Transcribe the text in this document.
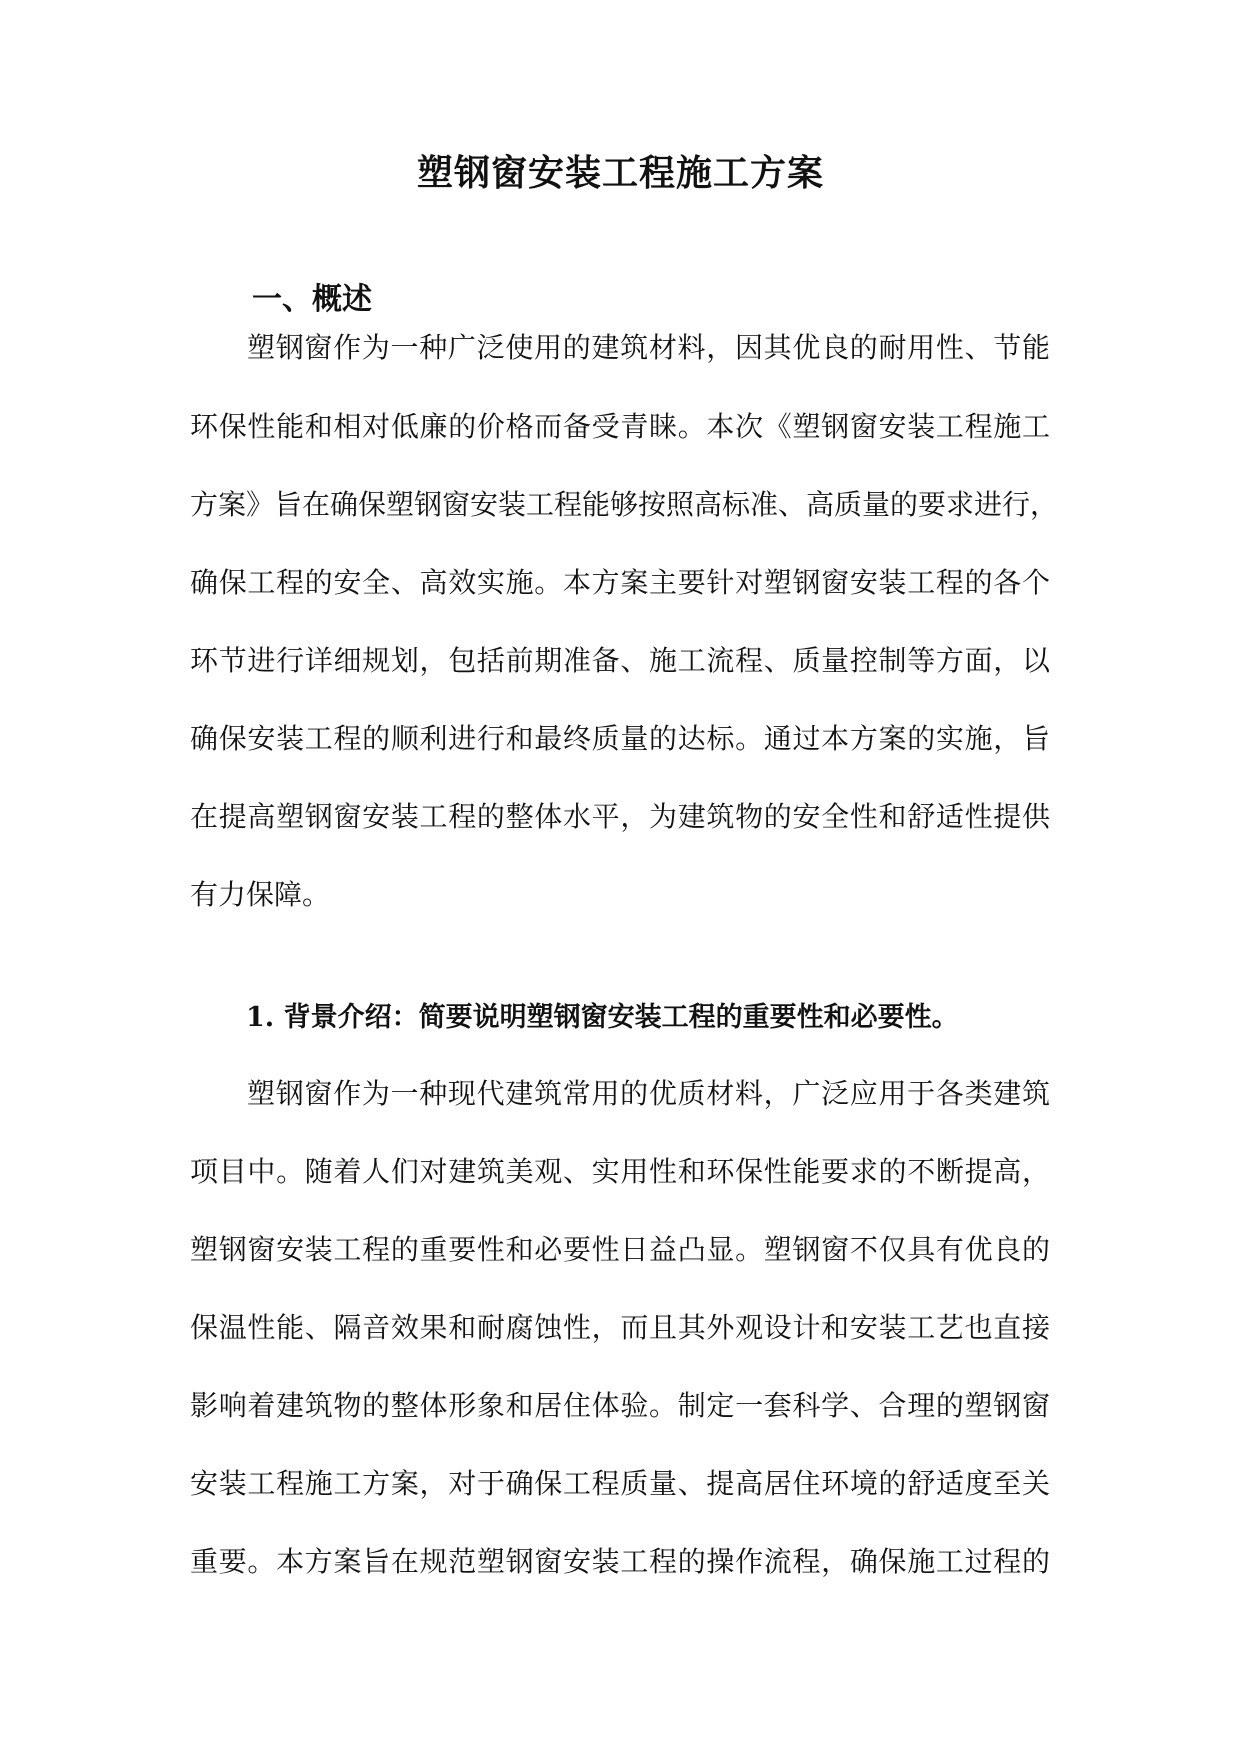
塑钢窗安装工程施工方案
一、概述

塑钢窗作为一种广泛使用的建筑材料，因其优良的耐用性、节能

环保性能和相对低廉的价格而备受青睐。本次《塑钢窗安装工程施工

方案》旨在确保塑钢窗安装工程能够按照高标准、高质量的要求进行，

确保工程的安全、高效实施。本方案主要针对塑钢窗安装工程的各个

环节进行详细规划，包括前期准备、施工流程、质量控制等方面，以

确保安装工程的顺利进行和最终质量的达标。通过本方案的实施，旨

在提高塑钢窗安装工程的整体水平，为建筑物的安全性和舒适性提供

有力保障。

1. 背景介绍：简要说明塑钢窗安装工程的重要性和必要性。

塑钢窗作为一种现代建筑常用的优质材料，广泛应用于各类建筑

项目中。随着人们对建筑美观、实用性和环保性能要求的不断提高，

塑钢窗安装工程的重要性和必要性日益凸显。塑钢窗不仅具有优良的

保温性能、隔音效果和耐腐蚀性，而且其外观设计和安装工艺也直接

影响着建筑物的整体形象和居住体验。制定一套科学、合理的塑钢窗

安装工程施工方案，对于确保工程质量、提高居住环境的舒适度至关

重要。本方案旨在规范塑钢窗安装工程的操作流程，确保施工过程的
